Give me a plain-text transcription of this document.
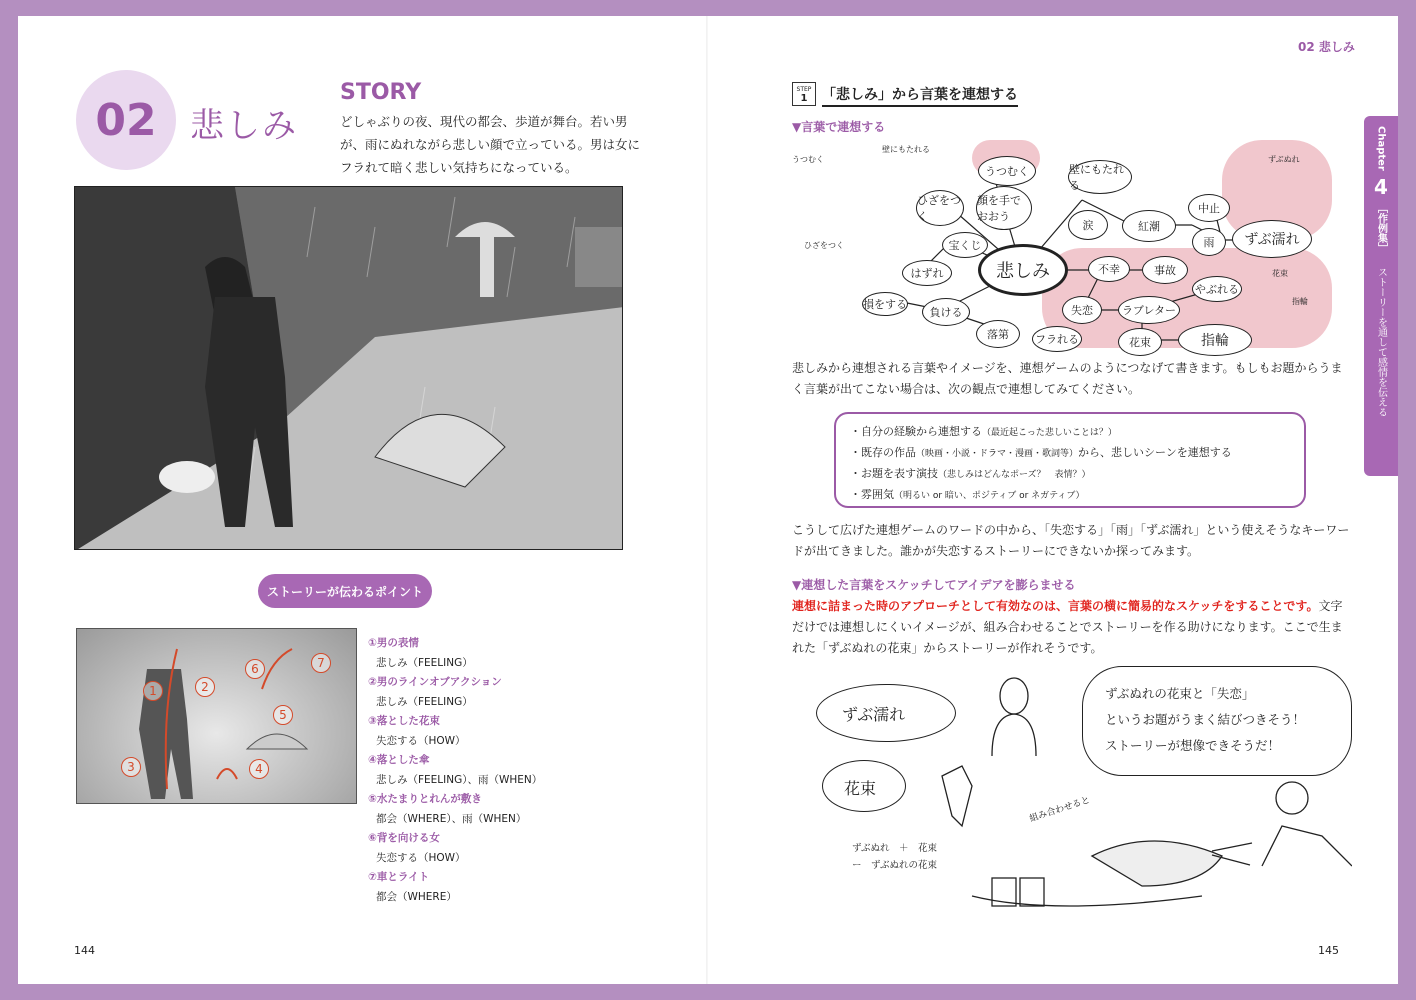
02 悲しみ
STORY
どしゃぶりの夜、現代の都会、歩道が舞台。若い男が、雨にぬれながら悲しい顔で立っている。男は女にフラれて暗く悲しい気持ちになっている。
ストーリーが伝わるポイント
1	2
3	4
5
6	7
①男の表情
悲しみ（FEELING）
②男のラインオブアクション
悲しみ（FEELING）
③落とした花束
失恋する（HOW）
④落とした傘
悲しみ（FEELING）、雨（WHEN）
⑤水たまりとれんが敷き
都会（WHERE）、雨（WHEN）
⑥背を向ける女
失恋する（HOW）
⑦車とライト
都会（WHERE）
144
02 悲しみ
Chapter
4
［作例集］
ストーリーを通して感情を伝える
STEP
1	「悲しみ」から言葉を連想する
▼言葉で連想する
悲しみ
うつむく	壁にもたれる
ひざをつく
顔を手でおおう
涙	紅潮
中止
ずぶ濡れ
雨
宝くじ
はずれ	不幸	事故
損をする
負ける	失恋	ラブレター
やぶれる
落第	フラれる	花束	指輪
うつむく
ひざをつく
壁にもたれる
ずぶぬれ
花束
指輪
悲しみから連想される言葉やイメージを、連想ゲームのようにつなげて書きます。もしもお題からうまく言葉が出てこない場合は、次の観点で連想してみてください。
・自分の経験から連想する（最近起こった悲しいことは？）
・既存の作品（映画・小説・ドラマ・漫画・歌詞等）から、悲しいシーンを連想する
・お題を表す演技（悲しみはどんなポーズ？　表情？）
・雰囲気（明るい or 暗い、ポジティブ or ネガティブ）
こうして広げた連想ゲームのワードの中から、「失恋する」「雨」「ずぶ濡れ」という使えそうなキーワードが出てきました。誰かが失恋するストーリーにできないか探ってみます。
▼連想した言葉をスケッチしてアイデアを膨らませる
連想に詰まった時のアプローチとして有効なのは、言葉の横に簡易的なスケッチをすることです。文字だけでは連想しにくいイメージが、組み合わせることでストーリーを作る助けになります。ここで生まれた「ずぶぬれの花束」からストーリーが作れそうです。
ずぶ濡れ
花束
組み合わせると
ずぶぬれの花束と「失恋」
というお題がうまく結びつきそう！
ストーリーが想像できそうだ！
ずぶぬれ　＋　花束
ー　ずぶぬれの花束
145
